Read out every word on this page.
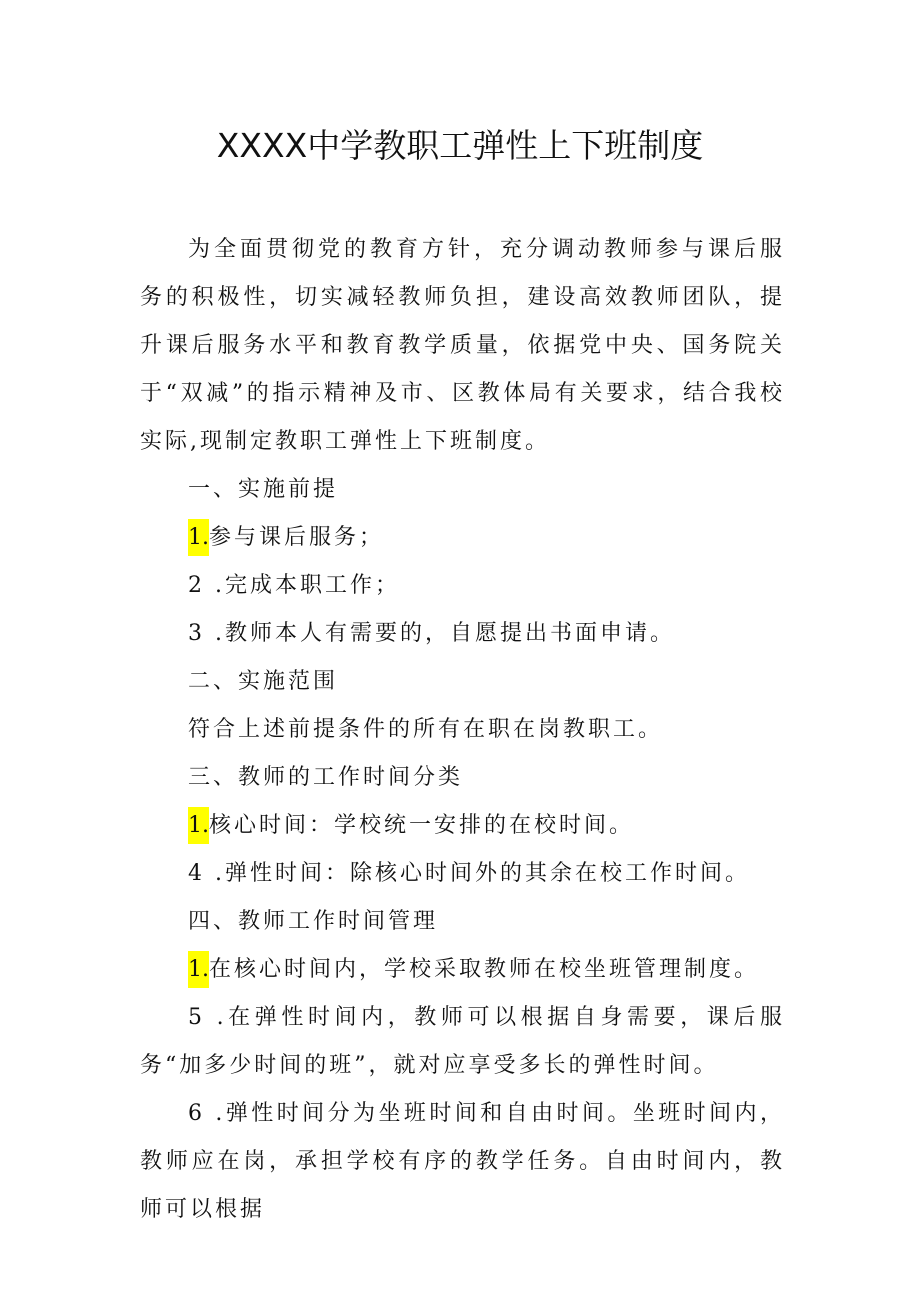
XXXX中学教职工弹性上下班制度

为全面贯彻党的教育方针，充分调动教师参与课后服务的积极性，切实减轻教师负担，建设高效教师团队，提升课后服务水平和教育教学质量，依据党中央、国务院关于“双减”的指示精神及市、区教体局有关要求，结合我校实际,现制定教职工弹性上下班制度。

一、实施前提

1.参与课后服务；

2 .完成本职工作；

3 .教师本人有需要的，自愿提出书面申请。

二、实施范围

符合上述前提条件的所有在职在岗教职工。

三、教师的工作时间分类

1.核心时间：学校统一安排的在校时间。

4 .弹性时间：除核心时间外的其余在校工作时间。

四、教师工作时间管理

1.在核心时间内，学校采取教师在校坐班管理制度。

5 .在弹性时间内，教师可以根据自身需要，课后服务“加多少时间的班”，就对应享受多长的弹性时间。

6 .弹性时间分为坐班时间和自由时间。坐班时间内，教师应在岗，承担学校有序的教学任务。自由时间内，教师可以根据
